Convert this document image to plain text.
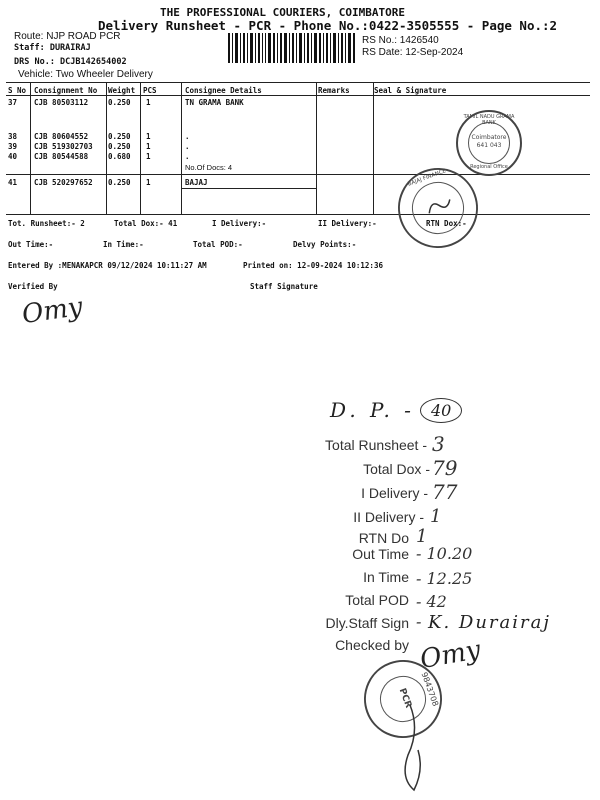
THE PROFESSIONAL COURIERS, COIMBATORE
Delivery Runsheet - PCR - Phone No.:0422-3505555 - Page No.:2
Route: NJP ROAD PCR
Staff: DURAIRAJ
DRS No.: DCJB142654002
Vehicle: Two Wheeler Delivery
RS No.: 1426540
RS Date: 12-Sep-2024
S No Consignment No Weight PCS	Consignee Details	Remarks	Seal & Signature
37 CJB 80503112	0.250 1	TN GRAMA BANK
38 CJB 80604552	0.250 1	.
39 CJB 519302703 0.250 1	.
40 CJB 80544588	0.680 1	.
No.Of Docs: 4
41 CJB 520297652 0.250 1	BAJAJ
TAMIL NADU GRAMA BANK
Coimbatore
641 043
Regional Office
BAJAJ FINANCE
Tot. Runsheet:- 2	Total Dox:- 41	I Delivery:-	II Delivery:-	RTN Dox:-
Out Time:-	In Time:-	Total POD:-	Delvy Points:-
Entered By :MENAKAPCR 09/12/2024 10:11:27 AM	Printed on: 12-09-2024 10:12:36
Verified By	Staff Signature
Omy
D. P. -	40
Total Runsheet - 3
Total Dox - 79
I Delivery - 77
II Delivery - 1
RTN Do 1
Out Time - 10.20
In Time - 12.25
Total POD - 42
Dly.Staff Sign - K. Durairaj
Checked by Omy
PCR 9843708
